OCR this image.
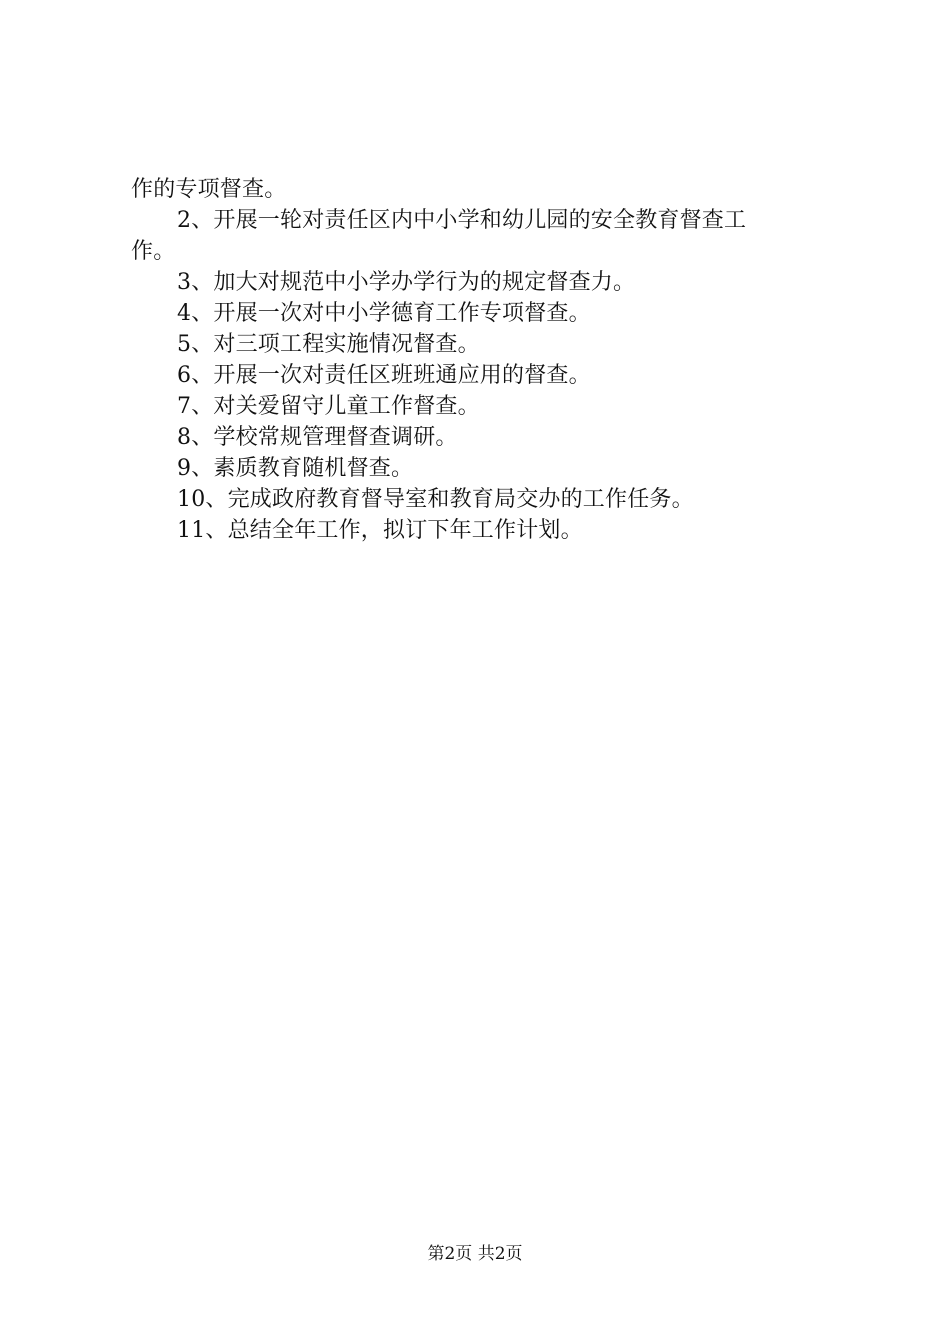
作的专项督查。
2、开展一轮对责任区内中小学和幼儿园的安全教育督查工
作。
3、加大对规范中小学办学行为的规定督查力。
4、开展一次对中小学德育工作专项督查。
5、对三项工程实施情况督查。
6、开展一次对责任区班班通应用的督查。
7、对关爱留守儿童工作督查。
8、学校常规管理督查调研。
9、素质教育随机督查。
10、完成政府教育督导室和教育局交办的工作任务。
11、总结全年工作，拟订下年工作计划。
第2页 共2页
